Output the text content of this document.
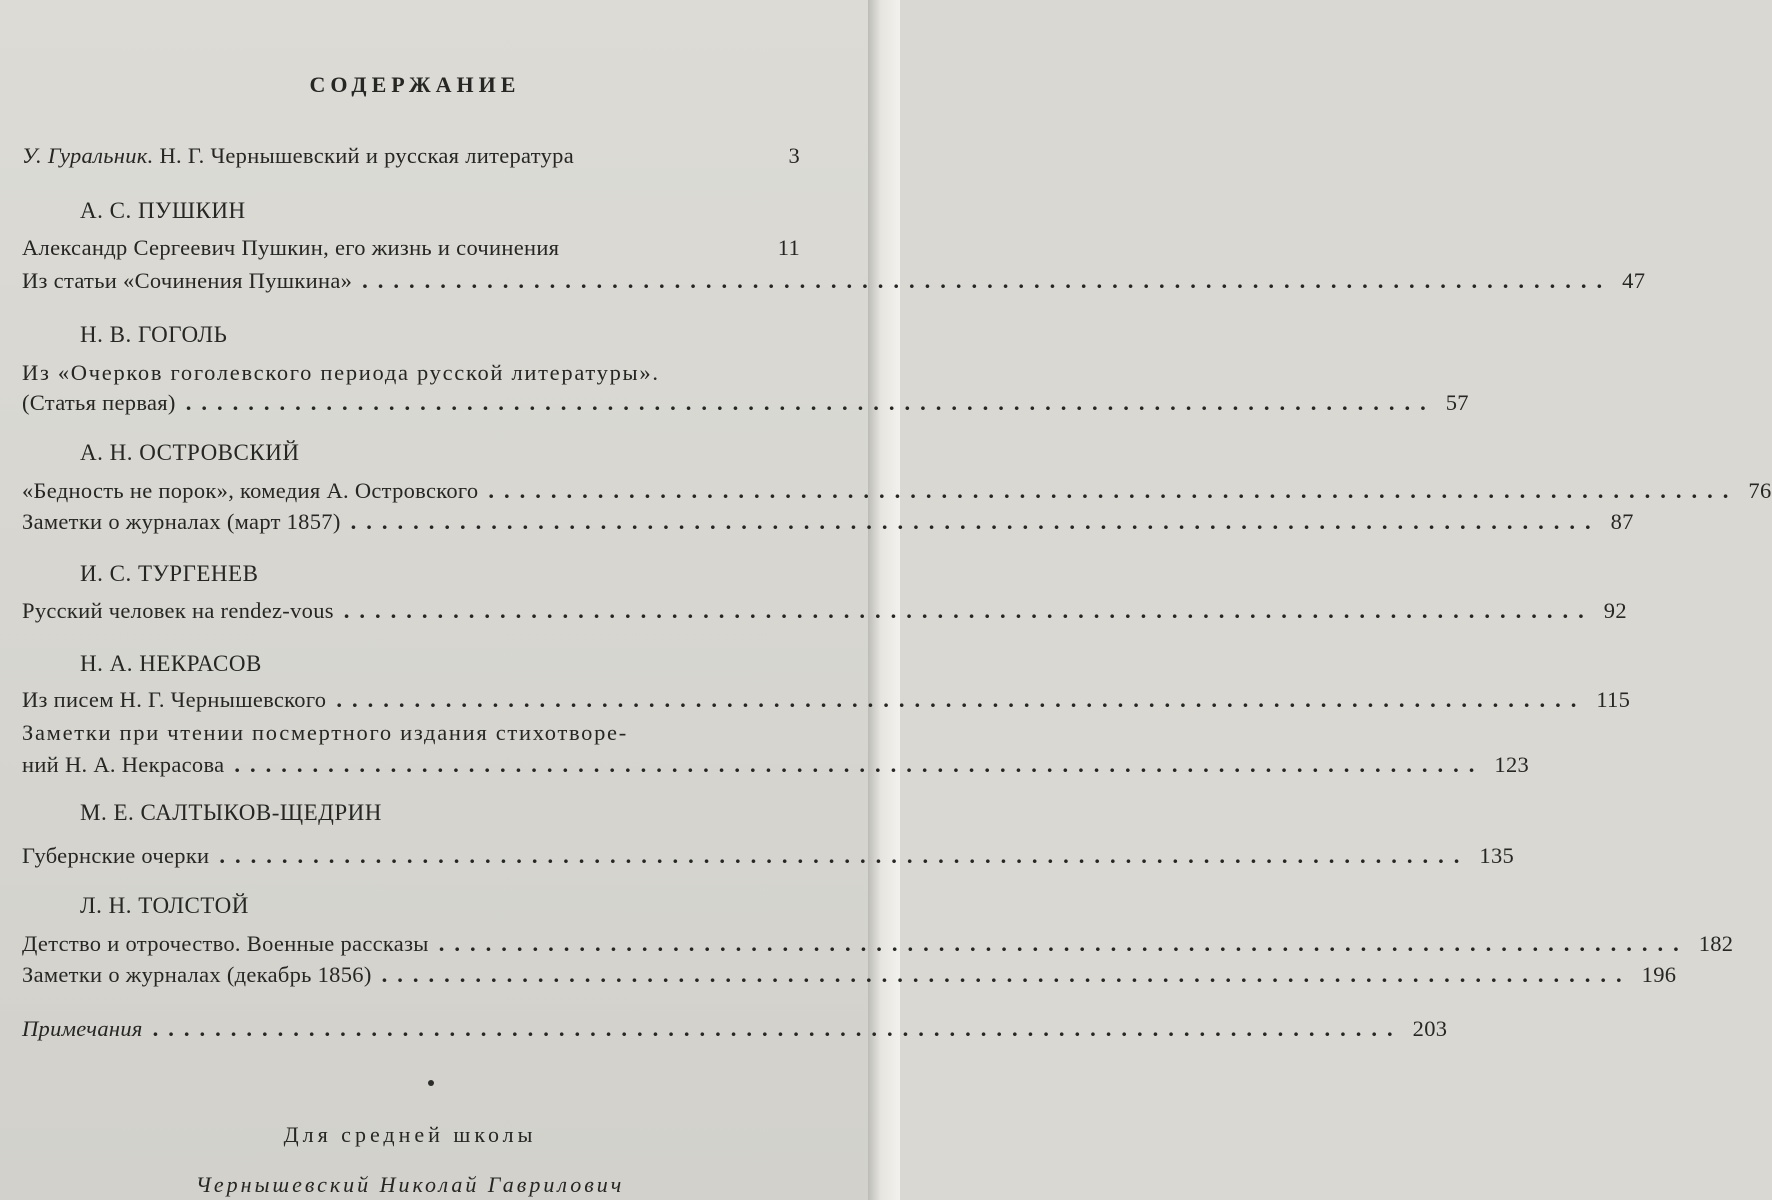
СОДЕРЖАНИЕ
У. Гуральник. Н. Г. Чернышевский и русская литература	3
А. С. ПУШКИН
Александр Сергеевич Пушкин, его жизнь и сочинения	11
Из статьи «Сочинения Пушкина» ................................................................................ 47
Н. В. ГОГОЛЬ
Из «Очерков гоголевского периода русской литературы».
(Статья первая) ................................................................................ 57
А. Н. ОСТРОВСКИЙ
«Бедность не порок», комедия А. Островского ................................................................................ 76
Заметки о журналах (март 1857) ................................................................................ 87
И. С. ТУРГЕНЕВ
Русский человек на rendez-vous ................................................................................ 92
Н. А. НЕКРАСОВ
Из писем Н. Г. Чернышевского ................................................................................ 115
Заметки при чтении посмертного издания стихотворе-
ний Н. А. Некрасова ................................................................................ 123
М. Е. САЛТЫКОВ-ЩЕДРИН
Губернские очерки ................................................................................ 135
Л. Н. ТОЛСТОЙ
Детство и отрочество. Военные рассказы ................................................................................ 182
Заметки о журналах (декабрь 1856) ................................................................................ 196
Примечания ................................................................................ 203
Для средней школы
Чернышевский Николай Гаврилович
